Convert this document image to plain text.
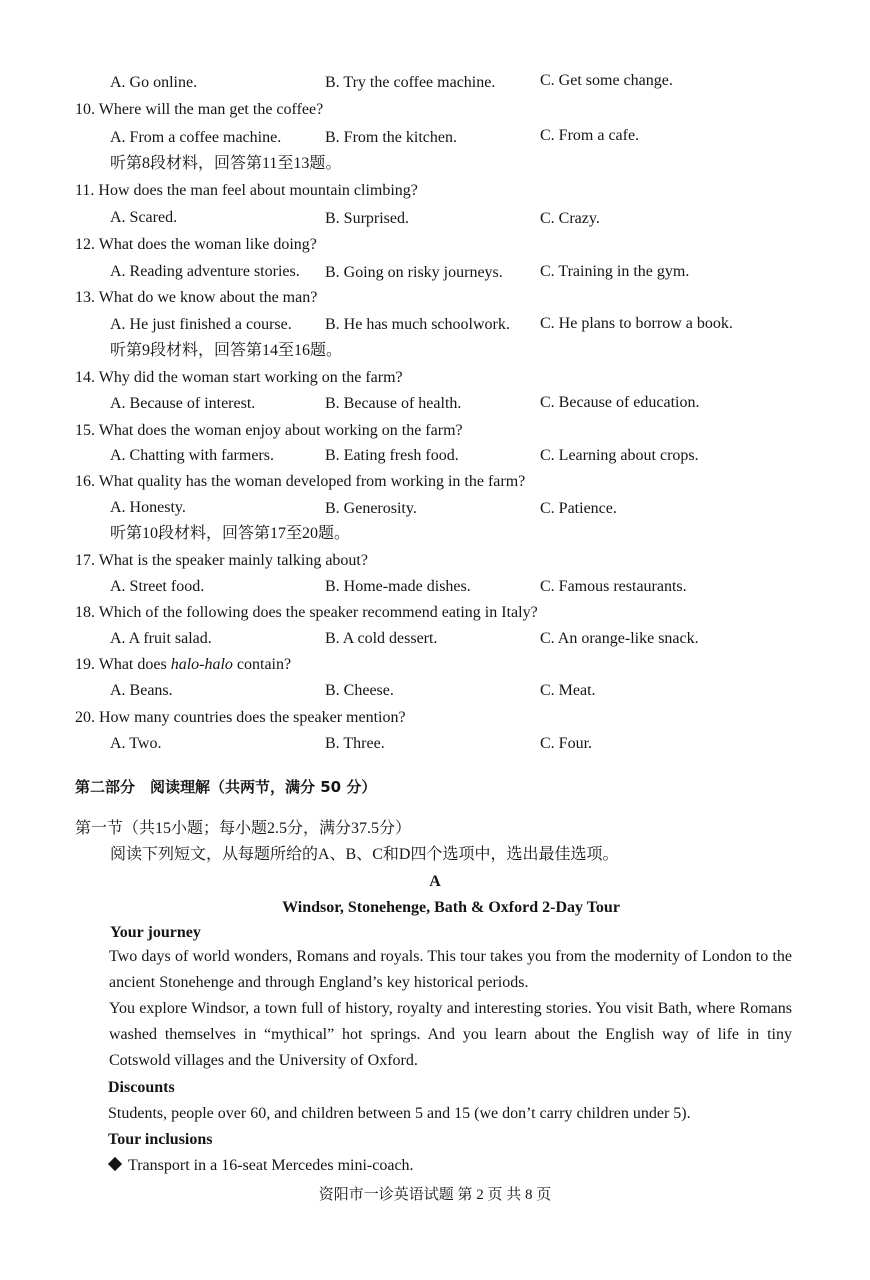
A. Go online.	B. Try the coffee machine.	C. Get some change.
10. Where will the man get the coffee?
A. From a coffee machine.	B. From the kitchen.	C. From a cafe.
听第8段材料，回答第11至13题。
11. How does the man feel about mountain climbing?
A. Scared.	B. Surprised.	C. Crazy.
12. What does the woman like doing?
A. Reading adventure stories. B. Going on risky journeys. C. Training in the gym.
13. What do we know about the man?
A. He just finished a course. B. He has much schoolwork. C. He plans to borrow a book.
听第9段材料，回答第14至16题。
14. Why did the woman start working on the farm?
A. Because of interest.	B. Because of health.	C. Because of education.
15. What does the woman enjoy about working on the farm?
A. Chatting with farmers.	B. Eating fresh food.	C. Learning about crops.
16. What quality has the woman developed from working in the farm?
A. Honesty.	B. Generosity.	C. Patience.
听第10段材料，回答第17至20题。
17. What is the speaker mainly talking about?
A. Street food.	B. Home-made dishes.	C. Famous restaurants.
18. Which of the following does the speaker recommend eating in Italy?
A. A fruit salad.	B. A cold dessert.	C. An orange-like snack.
19. What does halo-halo contain?
A. Beans.	B. Cheese.	C. Meat.
20. How many countries does the speaker mention?
A. Two.	B. Three.	C. Four.
第二部分　阅读理解（共两节，满分 50 分）
第一节（共15小题；每小题2.5分，满分37.5分）
阅读下列短文，从每题所给的A、B、C和D四个选项中，选出最佳选项。
A
Windsor, Stonehenge, Bath & Oxford 2-Day Tour
Your journey
Two days of world wonders, Romans and royals. This tour takes you from the modernity of London to the ancient Stonehenge and through England’s key historical periods.
You explore Windsor, a town full of history, royalty and interesting stories. You visit Bath, where Romans washed themselves in “mythical” hot springs. And you learn about the English way of life in tiny Cotswold villages and the University of Oxford.
Discounts
Students, people over 60, and children between 5 and 15 (we don’t carry children under 5).
Tour inclusions
Transport in a 16-seat Mercedes mini-coach.
资阳市一诊英语试题 第 2 页 共 8 页
